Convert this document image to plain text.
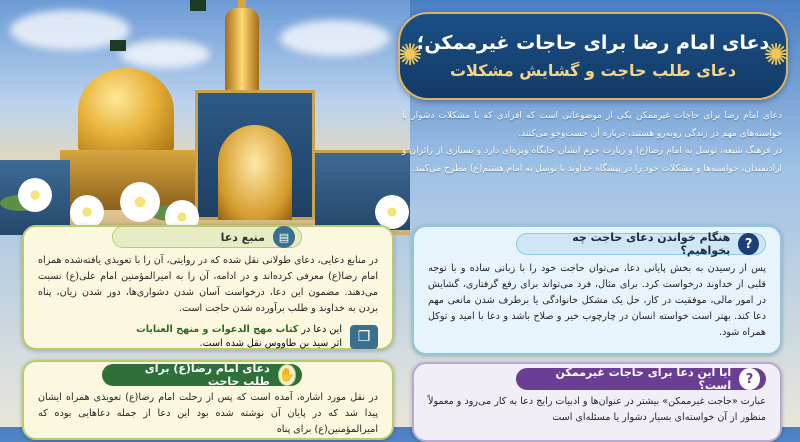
✺
✺
دعای امام رضا برای حاجات غیرممکن؛
دعای طلب حاجت و گشایش مشکلات

دعای امام رضا برای حاجات غیرممکن یکی از موضوعاتی است که افرادی که با مشکلات دشوار یا خواسته‌های مهم در زندگی روبه‌رو هستند، درباره آن جست‌وجو می‌کنند.

در فرهنگ شیعه، توسل به امام رضا(ع) و زیارت حرم ایشان جایگاه ویژه‌ای دارد و بسیاری از زائران و ارادتمندان، خواسته‌ها و مشکلات خود را در پیشگاه خداوند با توسل به امام هشتم(ع) مطرح می‌کنند.

▤
منبع دعا
در منابع دعایی، دعای طولانی نقل شده که در روایتی، آن را با تعویذی یافته‌شده همراه امام رضا(ع) معرفی کرده‌اند و در ادامه، آن را به امیرالمؤمنین امام علی(ع) نسبت می‌دهند. مضمون این دعا، درخواست آسان شدن دشواری‌ها، دور شدن زیان، پناه بردن به خداوند و طلب برآورده شدن حاجت است.
❒
این دعا در کتاب مهج الدعوات و منهج العنایات
اثر سید بن طاووس نقل شده است.
✋
دعای امام رضا(ع) برای طلب حاجت
در نقل مورد اشاره، آمده است که پس از رحلت امام رضا(ع) تعویذی همراه ایشان پیدا شد که در پایان آن نوشته شده بود این دعا از جمله دعاهایی بوده که امیرالمؤمنین(ع) برای پناه
?
هنگام خواندن دعای حاجت چه بخواهیم؟
پس از رسیدن به بخش پایانی دعا، می‌توان حاجت خود را با زبانی ساده و با توجه قلبی از خداوند درخواست کرد. برای مثال، فرد می‌تواند برای رفع گرفتاری، گشایش در امور مالی، موفقیت در کار، حل یک مشکل خانوادگی یا برطرف شدن مانعی مهم دعا کند. بهتر است خواسته انسان در چارچوب خیر و صلاح باشد و دعا با امید و توکل همراه شود.
?
آیا این دعا برای حاجات غیرممکن است؟
عبارت «حاجت غیرممکن» بیشتر در عنوان‌ها و ادبیات رایج دعا به کار می‌رود و معمولاً منظور از آن خواسته‌ای بسیار دشوار یا مسئله‌ای است
